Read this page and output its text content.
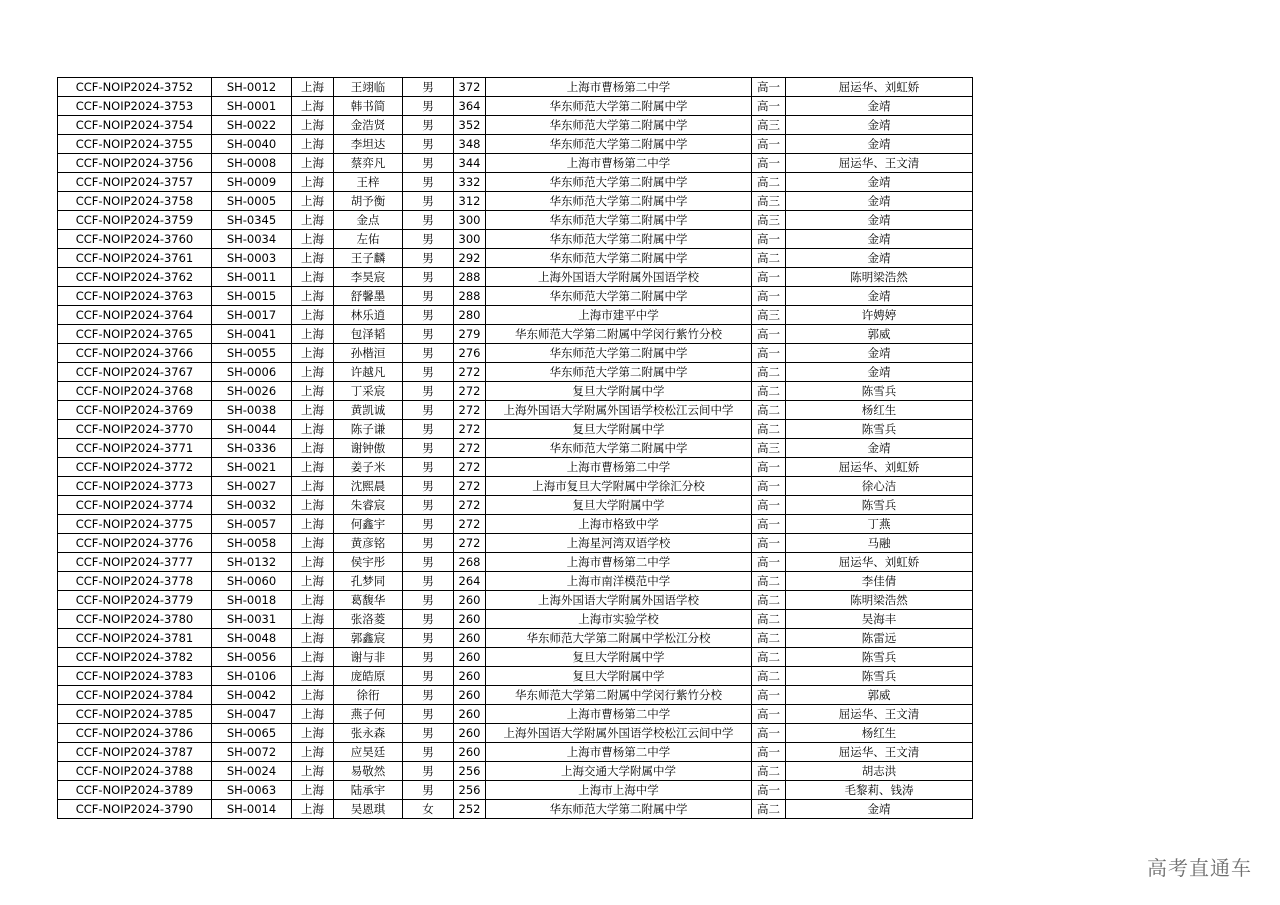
CCF-NOIP2024-3752	SH-0012	上海	王翊临	男	372	上海市曹杨第二中学	高一	屈运华、刘虹娇
CCF-NOIP2024-3753	SH-0001	上海	韩书简	男	364	华东师范大学第二附属中学	高一	金靖
CCF-NOIP2024-3754	SH-0022	上海	金浩贤	男	352	华东师范大学第二附属中学	高三	金靖
CCF-NOIP2024-3755	SH-0040	上海	李坦达	男	348	华东师范大学第二附属中学	高一	金靖
CCF-NOIP2024-3756	SH-0008	上海	蔡弈凡	男	344	上海市曹杨第二中学	高一	屈运华、王文清
CCF-NOIP2024-3757	SH-0009	上海	王梓	男	332	华东师范大学第二附属中学	高二	金靖
CCF-NOIP2024-3758	SH-0005	上海	胡予衡	男	312	华东师范大学第二附属中学	高三	金靖
CCF-NOIP2024-3759	SH-0345	上海	金点	男	300	华东师范大学第二附属中学	高三	金靖
CCF-NOIP2024-3760	SH-0034	上海	左佑	男	300	华东师范大学第二附属中学	高一	金靖
CCF-NOIP2024-3761	SH-0003	上海	王子麟	男	292	华东师范大学第二附属中学	高二	金靖
CCF-NOIP2024-3762	SH-0011	上海	李昊宸	男	288	上海外国语大学附属外国语学校	高一	陈明梁浩然
CCF-NOIP2024-3763	SH-0015	上海	舒馨墨	男	288	华东师范大学第二附属中学	高一	金靖
CCF-NOIP2024-3764	SH-0017	上海	林乐逍	男	280	上海市建平中学	高三	许娉婷
CCF-NOIP2024-3765	SH-0041	上海	包泽韬	男	279	华东师范大学第二附属中学闵行紫竹分校	高一	郭威
CCF-NOIP2024-3766	SH-0055	上海	孙楷洹	男	276	华东师范大学第二附属中学	高一	金靖
CCF-NOIP2024-3767	SH-0006	上海	许越凡	男	272	华东师范大学第二附属中学	高二	金靖
CCF-NOIP2024-3768	SH-0026	上海	丁采宸	男	272	复旦大学附属中学	高二	陈雪兵
CCF-NOIP2024-3769	SH-0038	上海	黄凯诚	男	272	上海外国语大学附属外国语学校松江云间中学	高二	杨红生
CCF-NOIP2024-3770	SH-0044	上海	陈子谦	男	272	复旦大学附属中学	高二	陈雪兵
CCF-NOIP2024-3771	SH-0336	上海	谢钟傲	男	272	华东师范大学第二附属中学	高三	金靖
CCF-NOIP2024-3772	SH-0021	上海	姜子米	男	272	上海市曹杨第二中学	高一	屈运华、刘虹娇
CCF-NOIP2024-3773	SH-0027	上海	沈熙晨	男	272	上海市复旦大学附属中学徐汇分校	高一	徐心洁
CCF-NOIP2024-3774	SH-0032	上海	朱睿宸	男	272	复旦大学附属中学	高一	陈雪兵
CCF-NOIP2024-3775	SH-0057	上海	何鑫宇	男	272	上海市格致中学	高一	丁燕
CCF-NOIP2024-3776	SH-0058	上海	黄彦铭	男	272	上海星河湾双语学校	高一	马融
CCF-NOIP2024-3777	SH-0132	上海	侯宇彤	男	268	上海市曹杨第二中学	高一	屈运华、刘虹娇
CCF-NOIP2024-3778	SH-0060	上海	孔梦同	男	264	上海市南洋模范中学	高二	李佳倩
CCF-NOIP2024-3779	SH-0018	上海	葛馥华	男	260	上海外国语大学附属外国语学校	高二	陈明梁浩然
CCF-NOIP2024-3780	SH-0031	上海	张洛菱	男	260	上海市实验学校	高二	吴海丰
CCF-NOIP2024-3781	SH-0048	上海	郭鑫宸	男	260	华东师范大学第二附属中学松江分校	高二	陈雷远
CCF-NOIP2024-3782	SH-0056	上海	谢与非	男	260	复旦大学附属中学	高二	陈雪兵
CCF-NOIP2024-3783	SH-0106	上海	庞皓原	男	260	复旦大学附属中学	高二	陈雪兵
CCF-NOIP2024-3784	SH-0042	上海	徐衎	男	260	华东师范大学第二附属中学闵行紫竹分校	高一	郭威
CCF-NOIP2024-3785	SH-0047	上海	燕子何	男	260	上海市曹杨第二中学	高一	屈运华、王文清
CCF-NOIP2024-3786	SH-0065	上海	张永森	男	260	上海外国语大学附属外国语学校松江云间中学	高一	杨红生
CCF-NOIP2024-3787	SH-0072	上海	应昊廷	男	260	上海市曹杨第二中学	高一	屈运华、王文清
CCF-NOIP2024-3788	SH-0024	上海	易敬然	男	256	上海交通大学附属中学	高二	胡志洪
CCF-NOIP2024-3789	SH-0063	上海	陆承宇	男	256	上海市上海中学	高一	毛黎莉、钱涛
CCF-NOIP2024-3790	SH-0014	上海	吴恩琪	女	252	华东师范大学第二附属中学	高二	金靖
高考直通车
